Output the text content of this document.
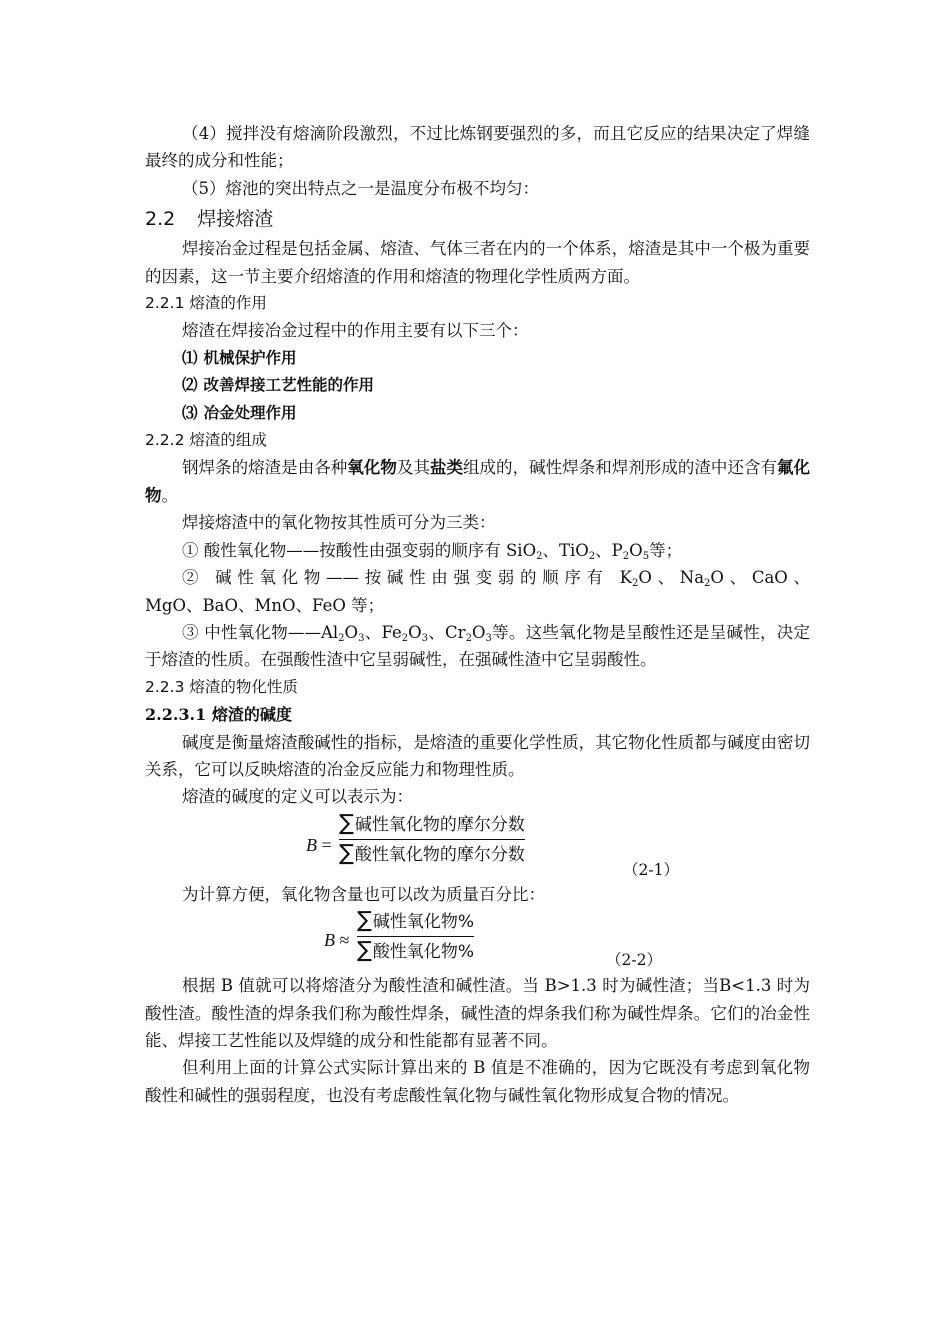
（4）搅拌没有熔滴阶段激烈，不过比炼钢要强烈的多，而且它反应的结果决定了焊缝最终的成分和性能；

（5）熔池的突出特点之一是温度分布极不均匀：

2.2 焊接熔渣

焊接冶金过程是包括金属、熔渣、气体三者在内的一个体系，熔渣是其中一个极为重要的因素，这一节主要介绍熔渣的作用和熔渣的物理化学性质两方面。

2.2.1 熔渣的作用

熔渣在焊接冶金过程中的作用主要有以下三个：

⑴ 机械保护作用

⑵ 改善焊接工艺性能的作用

⑶ 冶金处理作用

2.2.2 熔渣的组成

钢焊条的熔渣是由各种氧化物及其盐类组成的，碱性焊条和焊剂形成的渣中还含有氟化物。

焊接熔渣中的氧化物按其性质可分为三类：

① 酸性氧化物——按酸性由强变弱的顺序有 SiO$_2$、TiO$_2$、$P_2O_5$等；

② 碱性氧化物——按碱性由强变弱的顺序有 $K_2O$、$Na_2O$、CaO、

MgO、BaO、MnO、FeO 等；

③ 中性氧化物$——Al_2O_3$、$Fe_2O_3$、$Cr_2O_3$等。这些氧化物是呈酸性还是呈碱性，决定于熔渣的性质。在强酸性渣中它呈弱碱性，在强碱性渣中它呈弱酸性。

2.2.3 熔渣的物化性质
2.2.3.1 熔渣的碱度

碱度是衡量熔渣酸碱性的指标，是熔渣的重要化学性质，其它物化性质都与碱度由密切关系，它可以反映熔渣的冶金反应能力和物理性质。

熔渣的碱度的定义可以表示为：

B =
∑碱性氧化物的摩尔分数
∑酸性氧化物的摩尔分数
（2-1）

为计算方便，氧化物含量也可以改为质量百分比：

B ≈
∑碱性氧化物%
∑酸性氧化物%	（2-2）

根据 B 值就可以将熔渣分为酸性渣和碱性渣。当 B>1.3 时为碱性渣；当B<1.3 时为酸性渣。酸性渣的焊条我们称为酸性焊条，碱性渣的焊条我们称为碱性焊条。它们的冶金性能、焊接工艺性能以及焊缝的成分和性能都有显著不同。

但利用上面的计算公式实际计算出来的 B 值是不准确的，因为它既没有考虑到氧化物酸性和碱性的强弱程度，也没有考虑酸性氧化物与碱性氧化物形成复合物的情况。
